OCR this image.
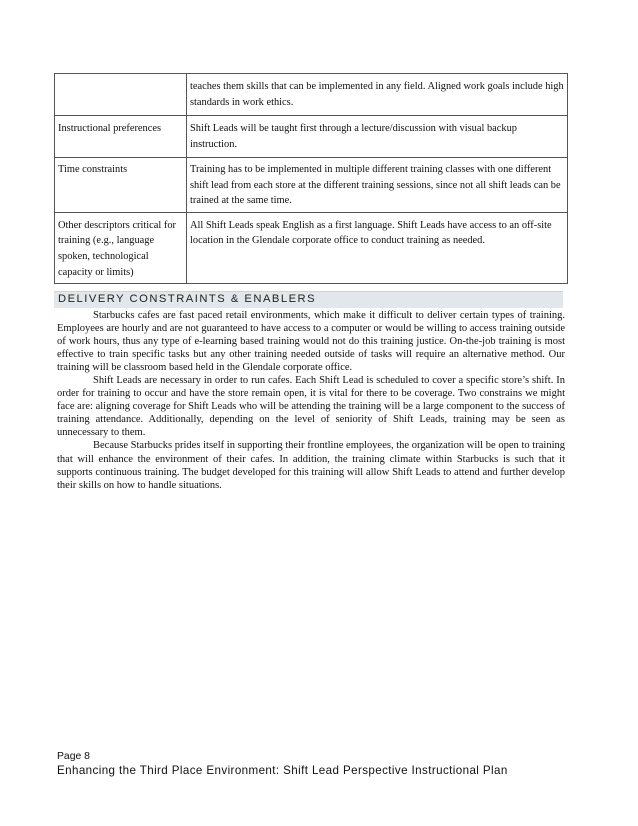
	teaches them skills that can be implemented in any field. Aligned work goals include high standards in work ethics.
Instructional preferences	Shift Leads will be taught first through a lecture/discussion with visual backup instruction.
Time constraints	Training has to be implemented in multiple different training classes with one different shift lead from each store at the different training sessions, since not all shift leads can be trained at the same time.
Other descriptors critical for training (e.g., language spoken, technological capacity or limits)	All Shift Leads speak English as a first language. Shift Leads have access to an off-site location in the Glendale corporate office to conduct training as needed.
DELIVERY CONSTRAINTS & ENABLERS

Starbucks cafes are fast paced retail environments, which make it difficult to deliver certain types of training. Employees are hourly and are not guaranteed to have access to a computer or would be willing to access training outside of work hours, thus any type of e-learning based training would not do this training justice. On-the-job training is most effective to train specific tasks but any other training needed outside of tasks will require an alternative method. Our training will be classroom based held in the Glendale corporate office.

Shift Leads are necessary in order to run cafes. Each Shift Lead is scheduled to cover a specific store’s shift. In order for training to occur and have the store remain open, it is vital for there to be coverage. Two constrains we might face are: aligning coverage for Shift Leads who will be attending the training will be a large component to the success of training attendance. Additionally, depending on the level of seniority of Shift Leads, training may be seen as unnecessary to them.

Because Starbucks prides itself in supporting their frontline employees, the organization will be open to training that will enhance the environment of their cafes. In addition, the training climate within Starbucks is such that it supports continuous training. The budget developed for this training will allow Shift Leads to attend and further develop their skills on how to handle situations.

Page 8
Enhancing the Third Place Environment: Shift Lead Perspective Instructional Plan
